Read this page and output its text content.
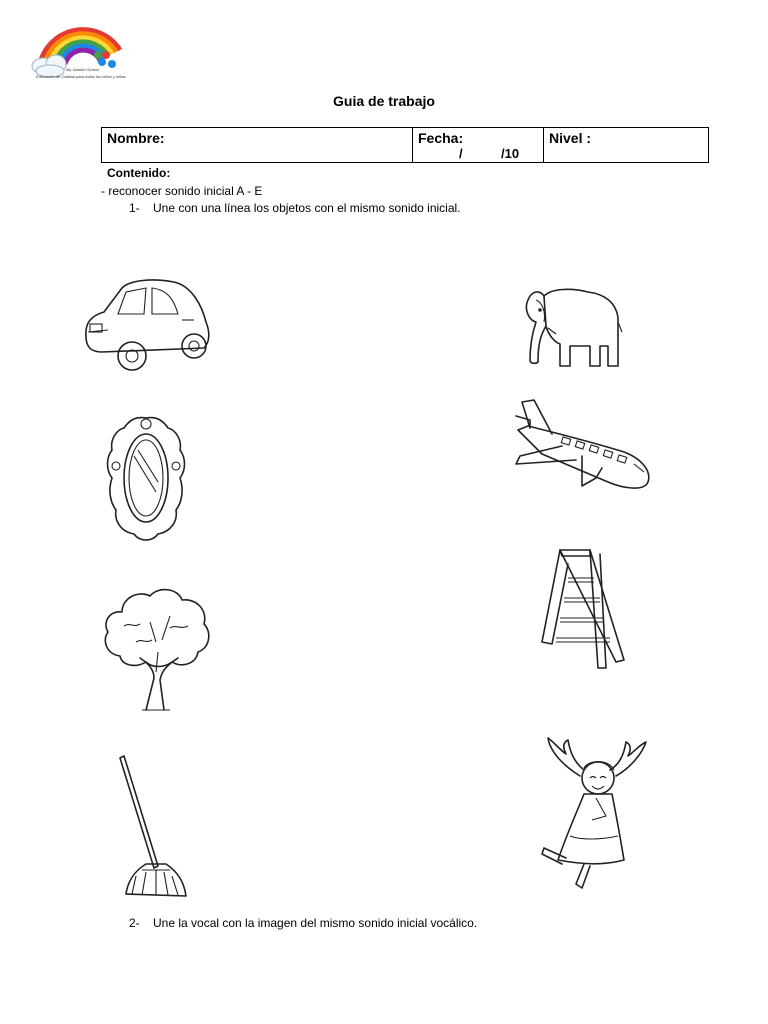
My Garden School
Educación de Calidad para todos los niños y niñas
Guia de trabajo
Nombre:	Fecha:
/	/10
Nivel :
Contenido:
- reconocer sonido inicial A - E
1- Une con una línea los objetos con el mismo sonido inicial.
2- Une la vocal con la imagen del mismo sonido inicial vocálico.
